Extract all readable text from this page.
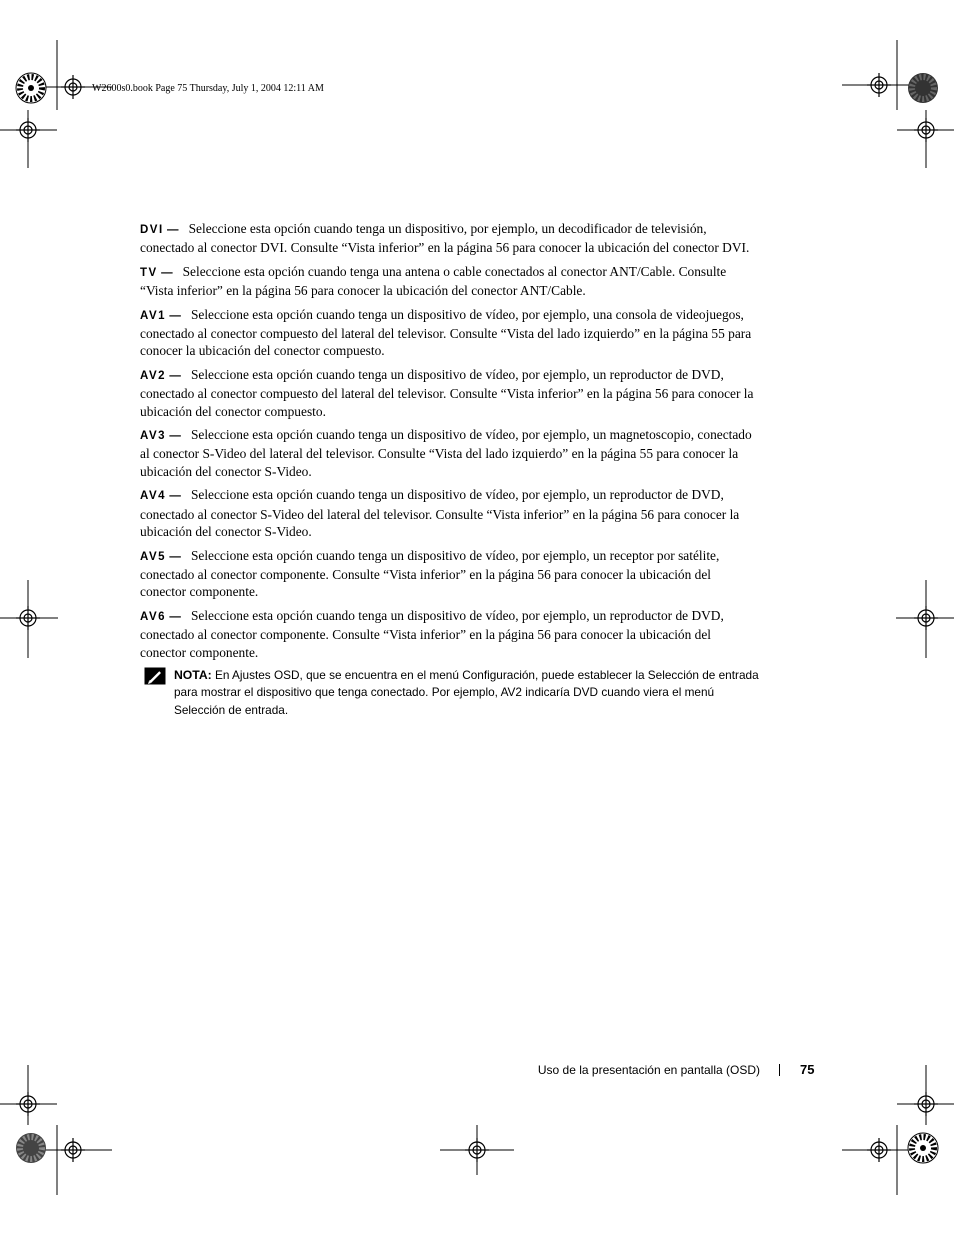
W2600s0.book Page 75 Thursday, July 1, 2004 12:11 AM

DVI — Seleccione esta opción cuando tenga un dispositivo, por ejemplo, un decodificador de televisión, conectado al conector DVI. Consulte “Vista inferior” en la página 56 para conocer la ubicación del conector DVI.

TV — Seleccione esta opción cuando tenga una antena o cable conectados al conector ANT/Cable. Consulte “Vista inferior” en la página 56 para conocer la ubicación del conector ANT/Cable.

AV1 — Seleccione esta opción cuando tenga un dispositivo de vídeo, por ejemplo, una consola de videojuegos, conectado al conector compuesto del lateral del televisor. Consulte “Vista del lado izquierdo” en la página 55 para conocer la ubicación del conector compuesto.

AV2 — Seleccione esta opción cuando tenga un dispositivo de vídeo, por ejemplo, un reproductor de DVD, conectado al conector compuesto del lateral del televisor. Consulte “Vista inferior” en la página 56 para conocer la ubicación del conector compuesto.

AV3 — Seleccione esta opción cuando tenga un dispositivo de vídeo, por ejemplo, un magnetoscopio, conectado al conector S-Video del lateral del televisor. Consulte “Vista del lado izquierdo” en la página 55 para conocer la ubicación del conector S-Video.

AV4 — Seleccione esta opción cuando tenga un dispositivo de vídeo, por ejemplo, un reproductor de DVD, conectado al conector S-Video del lateral del televisor. Consulte “Vista inferior” en la página 56 para conocer la ubicación del conector S-Video.

AV5 — Seleccione esta opción cuando tenga un dispositivo de vídeo, por ejemplo, un receptor por satélite, conectado al conector componente. Consulte “Vista inferior” en la página 56 para conocer la ubicación del conector componente.

AV6 — Seleccione esta opción cuando tenga un dispositivo de vídeo, por ejemplo, un reproductor de DVD, conectado al conector componente. Consulte “Vista inferior” en la página 56 para conocer la ubicación del conector componente.

NOTA: En Ajustes OSD, que se encuentra en el menú Configuración, puede establecer la Selección de entrada para mostrar el dispositivo que tenga conectado. Por ejemplo, AV2 indicaría DVD cuando viera el menú Selección de entrada.
Uso de la presentación en pantalla (OSD)	75
